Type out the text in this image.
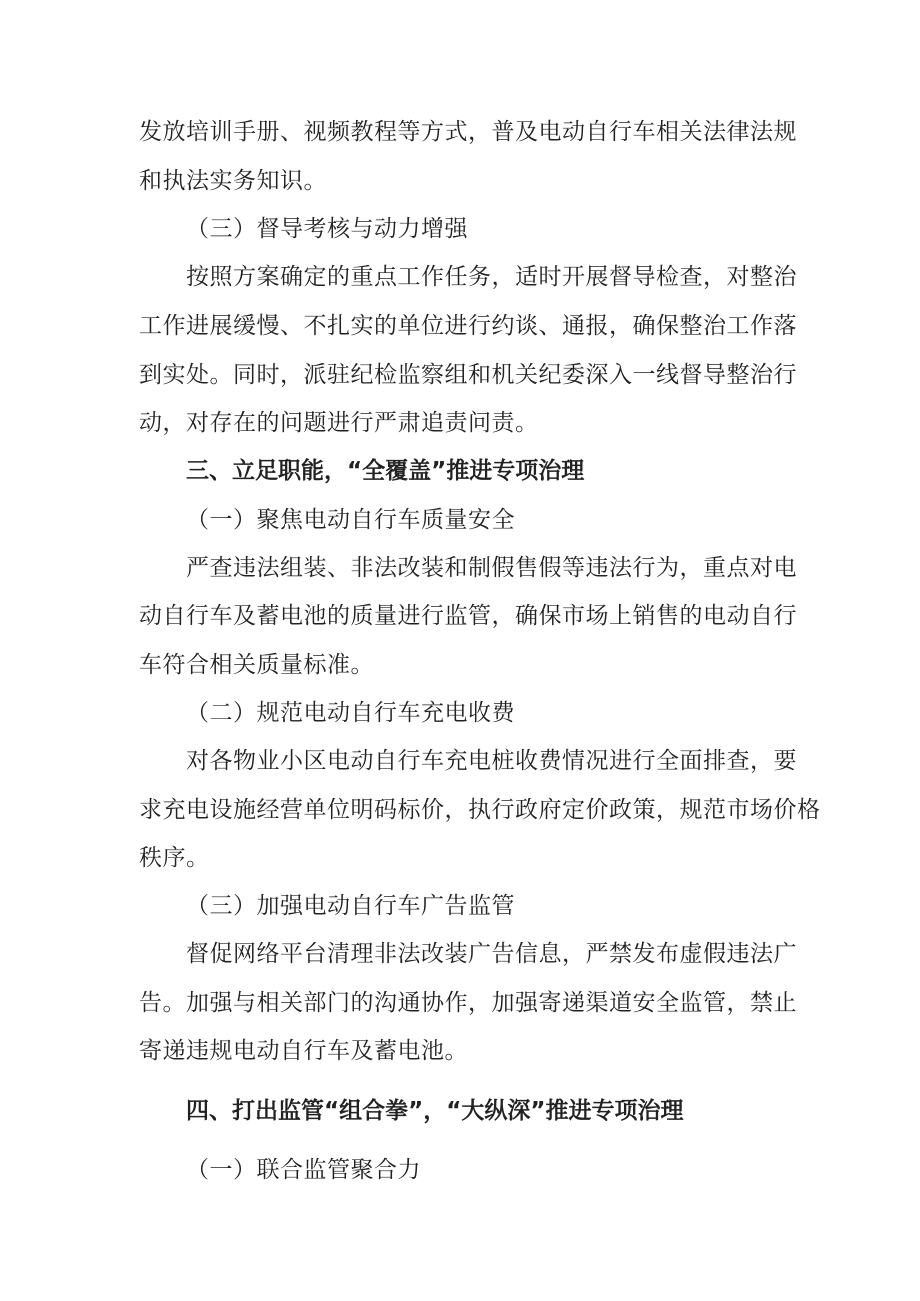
发放培训手册、视频教程等方式，普及电动自行车相关法律法规
和执法实务知识。
（三）督导考核与动力增强
按照方案确定的重点工作任务，适时开展督导检查，对整治
工作进展缓慢、不扎实的单位进行约谈、通报，确保整治工作落
到实处。同时，派驻纪检监察组和机关纪委深入一线督导整治行
动，对存在的问题进行严肃追责问责。
三、立足职能，“全覆盖”推进专项治理
（一）聚焦电动自行车质量安全
严查违法组装、非法改装和制假售假等违法行为，重点对电
动自行车及蓄电池的质量进行监管，确保市场上销售的电动自行
车符合相关质量标准。
（二）规范电动自行车充电收费
对各物业小区电动自行车充电桩收费情况进行全面排查，要
求充电设施经营单位明码标价，执行政府定价政策，规范市场价格
秩序。
（三）加强电动自行车广告监管
督促网络平台清理非法改装广告信息，严禁发布虚假违法广
告。加强与相关部门的沟通协作，加强寄递渠道安全监管，禁止
寄递违规电动自行车及蓄电池。
四、打出监管“组合拳”，“大纵深”推进专项治理
（一）联合监管聚合力
